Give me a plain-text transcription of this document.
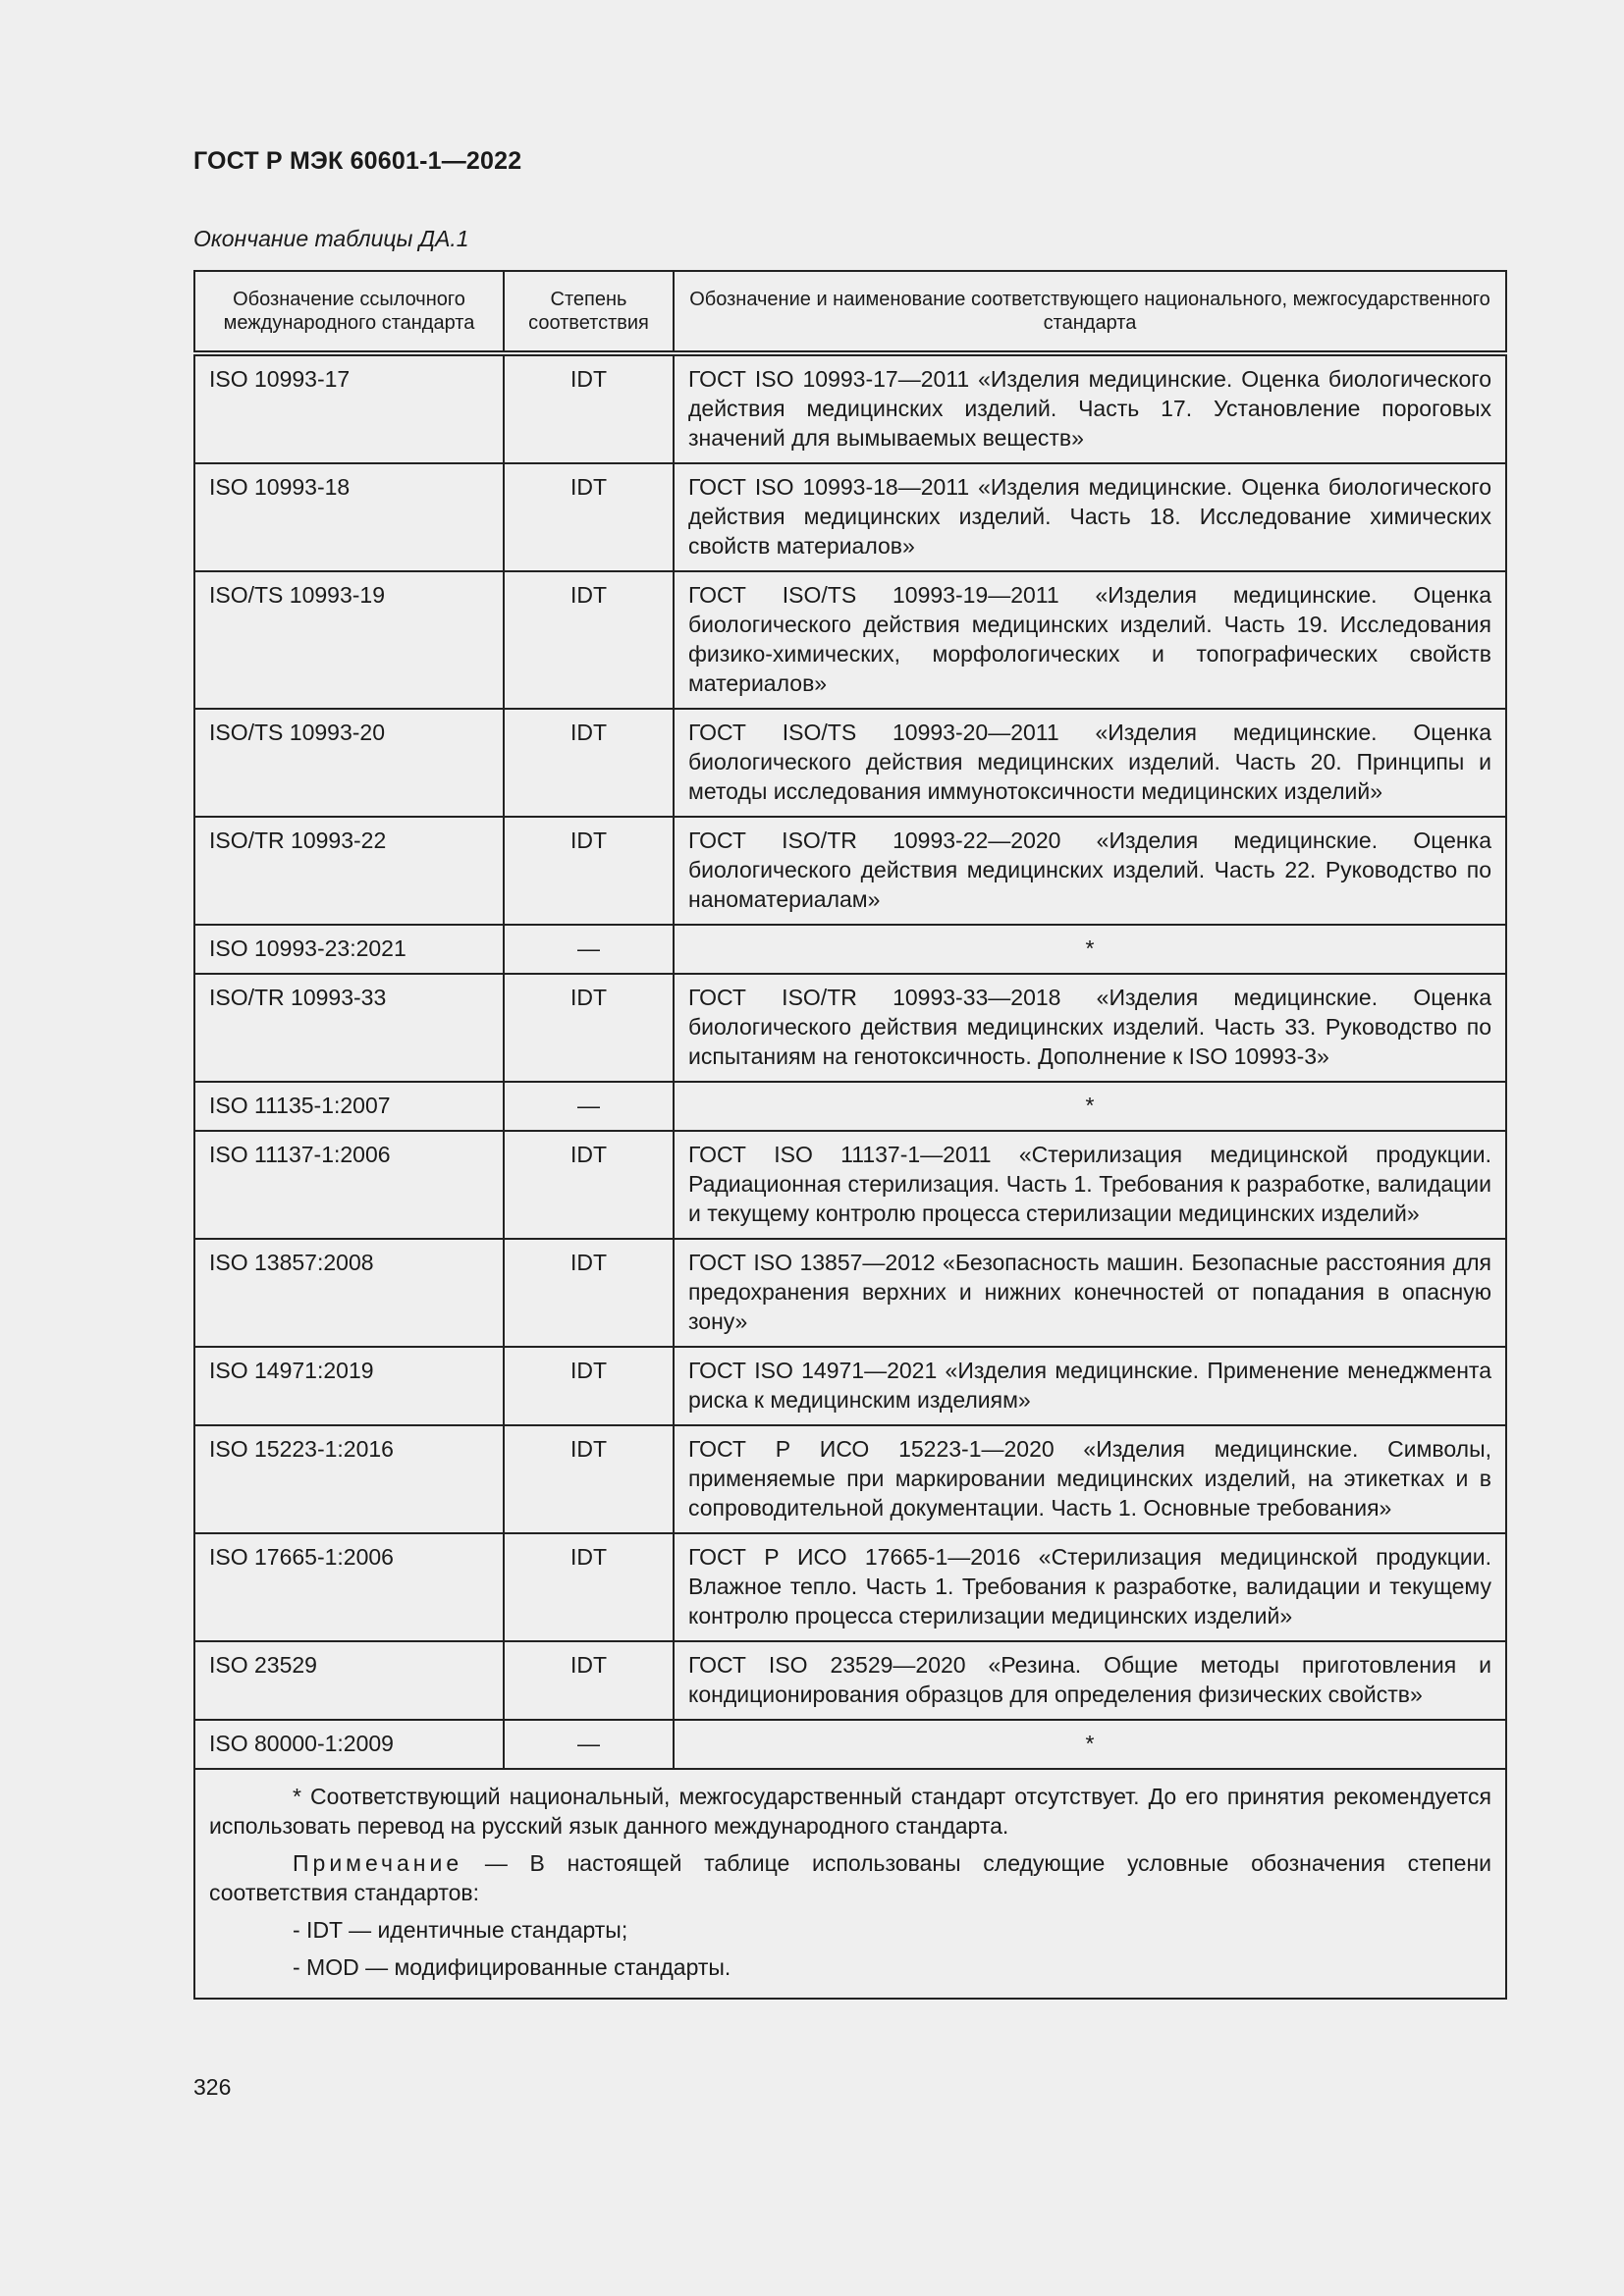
ГОСТ Р МЭК 60601-1—2022
Окончание таблицы ДА.1
Обозначение ссылочного международного стандарта	Степень соответствия	Обозначение и наименование соответствующего национального, межгосударственного стандарта
ISO 10993-17	IDT	ГОСТ ISO 10993-17—2011 «Изделия медицинские. Оценка биологического действия медицинских изделий. Часть 17. Установление пороговых значений для вымываемых веществ»
ISO 10993-18	IDT	ГОСТ ISO 10993-18—2011 «Изделия медицинские. Оценка биологического действия медицинских изделий. Часть 18. Исследование химических свойств материалов»
ISO/TS 10993-19	IDT	ГОСТ ISO/TS 10993-19—2011 «Изделия медицинские. Оценка биологического действия медицинских изделий. Часть 19. Исследования физико-химических, морфологических и топографических свойств материалов»
ISO/TS 10993-20	IDT	ГОСТ ISO/TS 10993-20—2011 «Изделия медицинские. Оценка биологического действия медицинских изделий. Часть 20. Принципы и методы исследования иммунотоксичности медицинских изделий»
ISO/TR 10993-22	IDT	ГОСТ ISO/TR 10993-22—2020 «Изделия медицинские. Оценка биологического действия медицинских изделий. Часть 22. Руководство по наноматериалам»
ISO 10993-23:2021	—	*
ISO/TR 10993-33	IDT	ГОСТ ISO/TR 10993-33—2018 «Изделия медицинские. Оценка биологического действия медицинских изделий. Часть 33. Руководство по испытаниям на генотоксичность. Дополнение к ISO 10993-3»
ISO 11135-1:2007	—	*
ISO 11137-1:2006	IDT	ГОСТ ISO 11137-1—2011 «Стерилизация медицинской продукции. Радиационная стерилизация. Часть 1. Требования к разработке, валидации и текущему контролю процесса стерилизации медицинских изделий»
ISO 13857:2008	IDT	ГОСТ ISO 13857—2012 «Безопасность машин. Безопасные расстояния для предохранения верхних и нижних конечностей от попадания в опасную зону»
ISO 14971:2019	IDT	ГОСТ ISO 14971—2021 «Изделия медицинские. Применение менеджмента риска к медицинским изделиям»
ISO 15223-1:2016	IDT	ГОСТ Р ИСО 15223-1—2020 «Изделия медицинские. Символы, применяемые при маркировании медицинских изделий, на этикетках и в сопроводительной документации. Часть 1. Основные требования»
ISO 17665-1:2006	IDT	ГОСТ Р ИСО 17665-1—2016 «Стерилизация медицинской продукции. Влажное тепло. Часть 1. Требования к разработке, валидации и текущему контролю процесса стерилизации медицинских изделий»
ISO 23529	IDT	ГОСТ ISO 23529—2020 «Резина. Общие методы приготовления и кондиционирования образцов для определения физических свойств»
ISO 80000-1:2009	—	*

* Соответствующий национальный, межгосударственный стандарт отсутствует. До его принятия рекомендуется использовать перевод на русский язык данного международного стандарта.

Примечание — В настоящей таблице использованы следующие условные обозначения степени соответствия стандартов:

- IDT — идентичные стандарты;
- MOD — модифицированные стандарты.		
326
